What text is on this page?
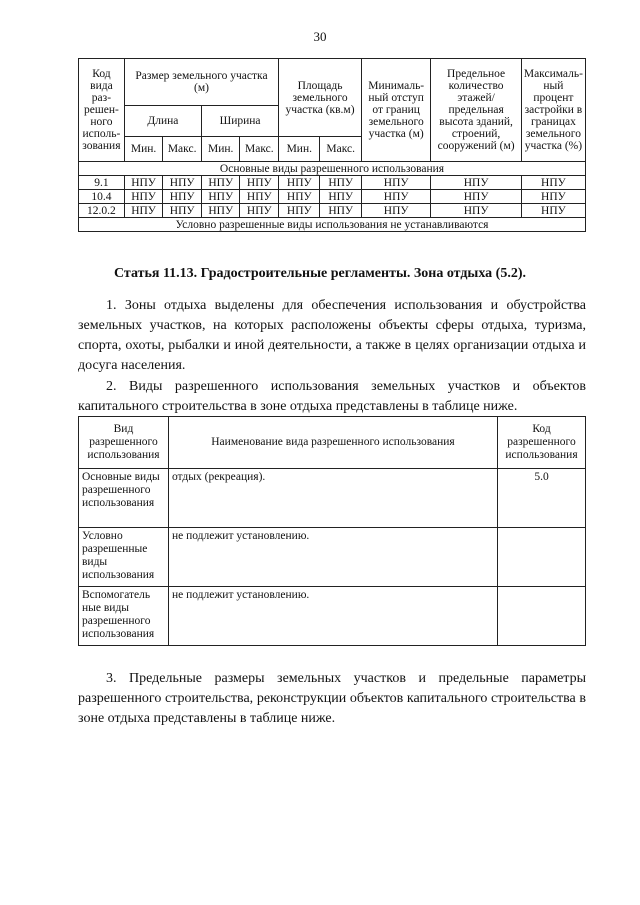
30
Код вида раз-решен-ного исполь-зования	Размер земельного участка (м)				Площадь земельного участка (кв.м)		Минималь-ный отступ от границ земельного участка (м)	Предельное количество этажей/ предельная высота зданий, строений, сооружений (м)	Максималь-ный процент застройки в границах земельного участка (%)
	Длина		Ширина						
	Мин.	Макс.	Мин.	Макс.	Мин.	Макс.			
Основные виды разрешенного использования									
9.1	НПУ	НПУ	НПУ	НПУ	НПУ	НПУ	НПУ	НПУ	НПУ
10.4	НПУ	НПУ	НПУ	НПУ	НПУ	НПУ	НПУ	НПУ	НПУ
12.0.2	НПУ	НПУ	НПУ	НПУ	НПУ	НПУ	НПУ	НПУ	НПУ
Условно разрешенные виды использования не устанавливаются									
Статья 11.13. Градостроительные регламенты. Зона отдыха (5.2).

1. Зоны отдыха выделены для обеспечения использования и обустройства земельных участков, на которых расположены объекты сферы отдыха, туризма, спорта, охоты, рыбалки и иной деятельности, а также в целях организации отдыха и досуга населения.

2. Виды разрешенного использования земельных участков и объектов капитального строительства в зоне отдыха представлены в таблице ниже.

Вид разрешенного использования	Наименование вида разрешенного использования	Код разрешенного использования
Основные виды разрешенного использования	отдых (рекреация).	5.0
Условно разрешенные виды использования	не подлежит установлению.	
Вспомогатель ные виды разрешенного использования	не подлежит установлению.	

3. Предельные размеры земельных участков и предельные параметры разрешенного строительства, реконструкции объектов капитального строительства в зоне отдыха представлены в таблице ниже.
